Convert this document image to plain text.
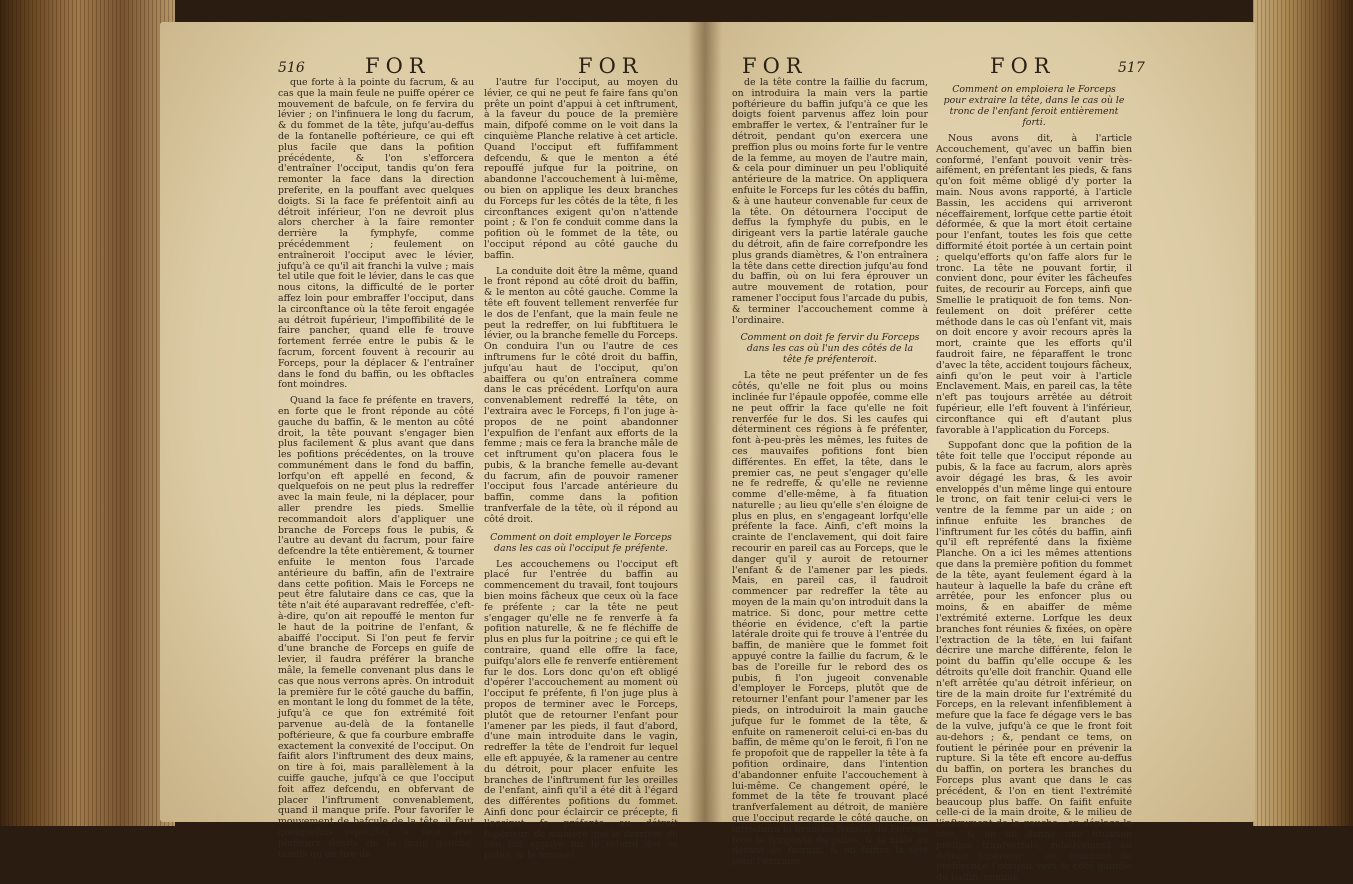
516	FOR	FOR	FOR	FOR	517

que forte à la pointe du facrum, & au cas que la main feule ne puiffe opérer ce mouvement de bafcule, on fe fervira du lévier ; on l'infinuera le long du facrum, & du fommet de la tête, jufqu'au-deffus de la fontanelle poftérieure, ce qui eft plus facile que dans la pofition précédente, & l'on s'efforcera d'entraîner l'occiput, tandis qu'on fera remonter la face dans la direction preferite, en la pouffant avec quelques doigts. Si la face fe préfentoit ainfi au détroit inférieur, l'on ne devroit plus alors chercher à la faire remonter derrière la fymphyfe, comme précédemment ; feulement on entraîneroit l'occiput avec le lévier, jufqu'à ce qu'il ait franchi la vulve ; mais tel utile que foit le lévier, dans le cas que nous citons, la difficulté de le porter affez loin pour embraffer l'occiput, dans la circonftance où la tête feroit engagée au détroit fupérieur, l'impoffibilité de le faire pancher, quand elle fe trouve fortement ferrée entre le pubis & le facrum, forcent fouvent à recourir au Forceps, pour la déplacer & l'entraîner dans le fond du baffin, ou les obftacles font moindres.

Quand la face fe préfente en travers, en forte que le front réponde au côté gauche du baffin, & le menton au côté droit, la tête pouvant s'engager bien plus facilement & plus avant que dans les pofitions précédentes, on la trouve communément dans le fond du baffin, lorfqu'on eft appellé en fecond, & quelquefois on ne peut plus la redreffer avec la main feule, ni la déplacer, pour aller prendre les pieds. Smellie recommandoit alors d'appliquer une branche de Forceps fous le pubis, & l'autre au devant du facrum, pour faire defcendre la tête entièrement, & tourner enfuite le menton fous l'arcade antérieure du baffin, afin de l'extraire dans cette pofition. Mais le Forceps ne peut être falutaire dans ce cas, que la tête n'ait été auparavant redreffée, c'eft-à-dire, qu'on ait repouffé le menton fur le haut de la poitrine de l'enfant, & abaiffé l'occiput. Si l'on peut fe fervir d'une branche de Forceps en guife de levier, il faudra préférer la branche mâle, la femelle convenant plus dans le cas que nous verrons après. On introduit la première fur le côté gauche du baffin, en montant le long du fommet de la tête, jufqu'à ce que fon extrémité foit parvenue au-delà de la fontanelle poftérieure, & que fa courbure embraffe exactement la convexité de l'occiput. On faifit alors l'inftrument des deux mains, on tire à foi, mais parallèlement à la cuiffe gauche, jufqu'à ce que l'occiput foit affez defcendu, en obfervant de placer l'inftrument convenablement, quand il manque prife. Pour favorifer le mouvement de bafcule de la tête, il faut quelquefois repouffer la face avec plufieurs doigts de la main gauche, tandis qu'on tire de

l'autre fur l'occiput, au moyen du lévier, ce qui ne peut fe faire fans qu'on prête un point d'appui à cet inftrument, à la faveur du pouce de la première main, difpofé comme on le voit dans la cinquième Planche relative à cet article. Quand l'occiput eft fuffifamment defcendu, & que le menton a été repouffé jufque fur la poitrine, on abandonne l'accouchement à lui-même, ou bien on applique les deux branches du Forceps fur les côtés de la tête, fi les circonftances exigent qu'on n'attende point ; & l'on fe conduit comme dans la pofition où le fommet de la tête, ou l'occiput répond au côté gauche du baffin.

La conduite doit être la même, quand le front répond au côté droit du baffin, & le menton au côté gauche. Comme la tête eft fouvent tellement renverfée fur le dos de l'enfant, que la main feule ne peut la redreffer, on lui fubftituera le lévier, ou la branche femelle du Forceps. On conduira l'un ou l'autre de ces inftrumens fur le côté droit du baffin, jufqu'au haut de l'occiput, qu'on abaiffera ou qu'on entraînera comme dans le cas précédent. Lorfqu'on aura convenablement redreffé la tête, on l'extraira avec le Forceps, fi l'on juge à-propos de ne point abandonner l'expulfion de l'enfant aux efforts de la femme ; mais ce fera la branche mâle de cet inftrument qu'on placera fous le pubis, & la branche femelle au-devant du facrum, afin de pouvoir ramener l'occiput fous l'arcade antérieure du baffin, comme dans la pofition tranfverfale de la tête, où il répond au côté droit.

Comment on doit employer le Forceps dans les cas où l'occiput fe préfente.

Les accouchemens ou l'occiput eft placé fur l'entrée du baffin au commencement du travail, font toujours bien moins fâcheux que ceux où la face fe préfente ; car la tête ne peut s'engager qu'elle ne fe renverfe à fa pofition naturelle, & ne fe fléchiffe de plus en plus fur la poitrine ; ce qui eft le contraire, quand elle offre la face, puifqu'alors elle fe renverfe entièrement fur le dos. Lors donc qu'on eft obligé d'opérer l'accouchement au moment où l'occiput fe préfente, fi l'on juge plus à propos de terminer avec le Forceps, plutôt que de retourner l'enfant pour l'amener par les pieds, il faut d'abord, d'une main introduite dans le vagin, redreffer la tête de l'endroit fur lequel elle eft appuyée, & la ramener au centre du détroit, pour placer enfuite les branches de l'inftrument fur les oreilles de l'enfant, ainfi qu'il a été dit à l'égard des différentes pofitions du fommet. Ainfi donc pour éclaircir ce précepte, fi l'occiput fe préfente au détroit fupérieur, de manière que le derrière du cou foit appuyé fur le rebord des os pubis, & le fommet

de la tête contre la faillie du facrum, on introduira la main vers la partie poftérieure du baffin jufqu'à ce que les doigts foient parvenus affez loin pour embraffer le vertex, & l'entraîner fur le détroit, pendant qu'on exercera une preffion plus ou moins forte fur le ventre de la femme, au moyen de l'autre main, & cela pour diminuer un peu l'obliquité antérieure de la matrice. On appliquera enfuite le Forceps fur les côtés du baffin, & à une hauteur convenable fur ceux de la tête. On détournera l'occiput de deffus la fymphyfe du pubis, en le dirigeant vers la partie latérale gauche du détroit, afin de faire correfpondre les plus grands diamètres, & l'on entraînera la tête dans cette direction jufqu'au fond du baffin, où on lui fera éprouver un autre mouvement de rotation, pour ramener l'occiput fous l'arcade du pubis, & terminer l'accouchement comme à l'ordinaire.

Comment on doit fe fervir du Forceps dans les cas où l'un des côtés de la tête fe préfenteroit.

La tête ne peut préfenter un de fes côtés, qu'elle ne foit plus ou moins inclinée fur l'épaule oppofée, comme elle ne peut offrir la face qu'elle ne foit renverfée fur le dos. Si les caufes qui déterminent ces régions à fe préfenter, font à-peu-près les mêmes, les fuites de ces mauvaifes pofitions font bien différentes. En effet, la tête, dans le premier cas, ne peut s'engager qu'elle ne fe redreffe, & qu'elle ne revienne comme d'elle-même, à fa fituation naturelle ; au lieu qu'elle s'en éloigne de plus en plus, en s'engageant lorfqu'elle préfente la face. Ainfi, c'eft moins la crainte de l'enclavement, qui doit faire recourir en pareil cas au Forceps, que le danger qu'il y auroit de retourner l'enfant & de l'amener par les pieds. Mais, en pareil cas, il faudroit commencer par redreffer la tête au moyen de la main qu'on introduit dans la matrice. Si donc, pour mettre cette théorie en évidence, c'eft la partie latérale droite qui fe trouve à l'entrée du baffin, de manière que le fommet foit appuyé contre la faillie du facrum, & le bas de l'oreille fur le rebord des os pubis, fi l'on jugeoit convenable d'employer le Forceps, plutôt que de retourner l'enfant pour l'amener par les pieds, on introduiroit la main gauche jufque fur le fommet de la tête, & enfuite on rameneroit celui-ci en-bas du baffin, de même qu'on le feroit, fi l'on ne fe propofoit que de rappeller la tête à fa pofition ordinaire, dans l'intention d'abandonner enfuite l'accouchement à lui-même. Ce changement opéré, le fommet de la tête fe trouvant placé tranfverfalement au détroit, de manière que l'occiput regarde le côté gauche, on introduira la branche femelle du Forceps fous la fymphyfe du pubis, & la mâle au devant du facrum, & on faifira la tête pour l'extraire.

Comment on emploiera le Forceps pour extraire la tête, dans le cas où le tronc de l'enfant feroit entièrement forti.

Nous avons dit, à l'article Accouchement, qu'avec un baffin bien conformé, l'enfant pouvoit venir très-aifément, en préfentant les pieds, & fans qu'on foit même obligé d'y porter la main. Nous avons rapporté, à l'article Bassin, les accidens qui arriveront néceffairement, lorfque cette partie étoit déformée, & que la mort étoit certaine pour l'enfant, toutes les fois que cette difformité étoit portée à un certain point ; quelqu'efforts qu'on faffe alors fur le tronc. La tête ne pouvant fortir, il convient donc, pour éviter les fâcheufes fuites, de recourir au Forceps, ainfi que Smellie le pratiquoit de fon tems. Non-feulement on doit préférer cette méthode dans le cas où l'enfant vit, mais on doit encore y avoir recours après la mort, crainte que les efforts qu'il faudroit faire, ne féparaffent le tronc d'avec la tête, accident toujours fâcheux, ainfi qu'on le peut voir à l'article Enclavement. Mais, en pareil cas, la tête n'eft pas toujours arrêtée au détroit fupérieur, elle l'eft fouvent à l'inférieur, circonftance qui eft d'autant plus favorable à l'application du Forceps.

Suppofant donc que la pofition de la tête foit telle que l'occiput réponde au pubis, & la face au facrum, alors après avoir dégagé les bras, & les avoir enveloppés d'un même linge qui entoure le tronc, on fait tenir celui-ci vers le ventre de la femme par un aide ; on infinue enfuite les branches de l'inftrument fur les côtés du baffin, ainfi qu'il eft repréfenté dans la fixième Planche. On a ici les mêmes attentions que dans la première pofition du fommet de la tête, ayant feulement égard à la hauteur à laquelle la bafe du crâne eft arrêtée, pour les enfoncer plus ou moins, & en abaiffer de même l'extrémité externe. Lorfque les deux branches font réunies & fixées, on opère l'extraction de la tête, en lui faifant décrire une marche différente, felon le point du baffin qu'elle occupe & les détroits qu'elle doit franchir. Quand elle n'eft arrêtée qu'au détroit inférieur, on tire de la main droite fur l'extrémité du Forceps, en la relevant infenfiblement à mefure que la face fe dégage vers le bas de la vulve, jufqu'à ce que le front foit au-dehors ; &, pendant ce tems, on foutient le périnée pour en prévenir la rupture. Si la tête eft encore au-deffus du baffin, on portera les branches du Forceps plus avant que dans le cas précédent, & l'on en tient l'extrémité beaucoup plus baffe. On faifit enfuite celle-ci de la main droite, & le milieu de l'inftrument de la gauche ; on déplace la tête, & on lui donne une fituation prefque tranfverfale, relativement au détroit fupérieur ; où, tournant de préférence l'occiput vers le côté gauche du baffin, comme
